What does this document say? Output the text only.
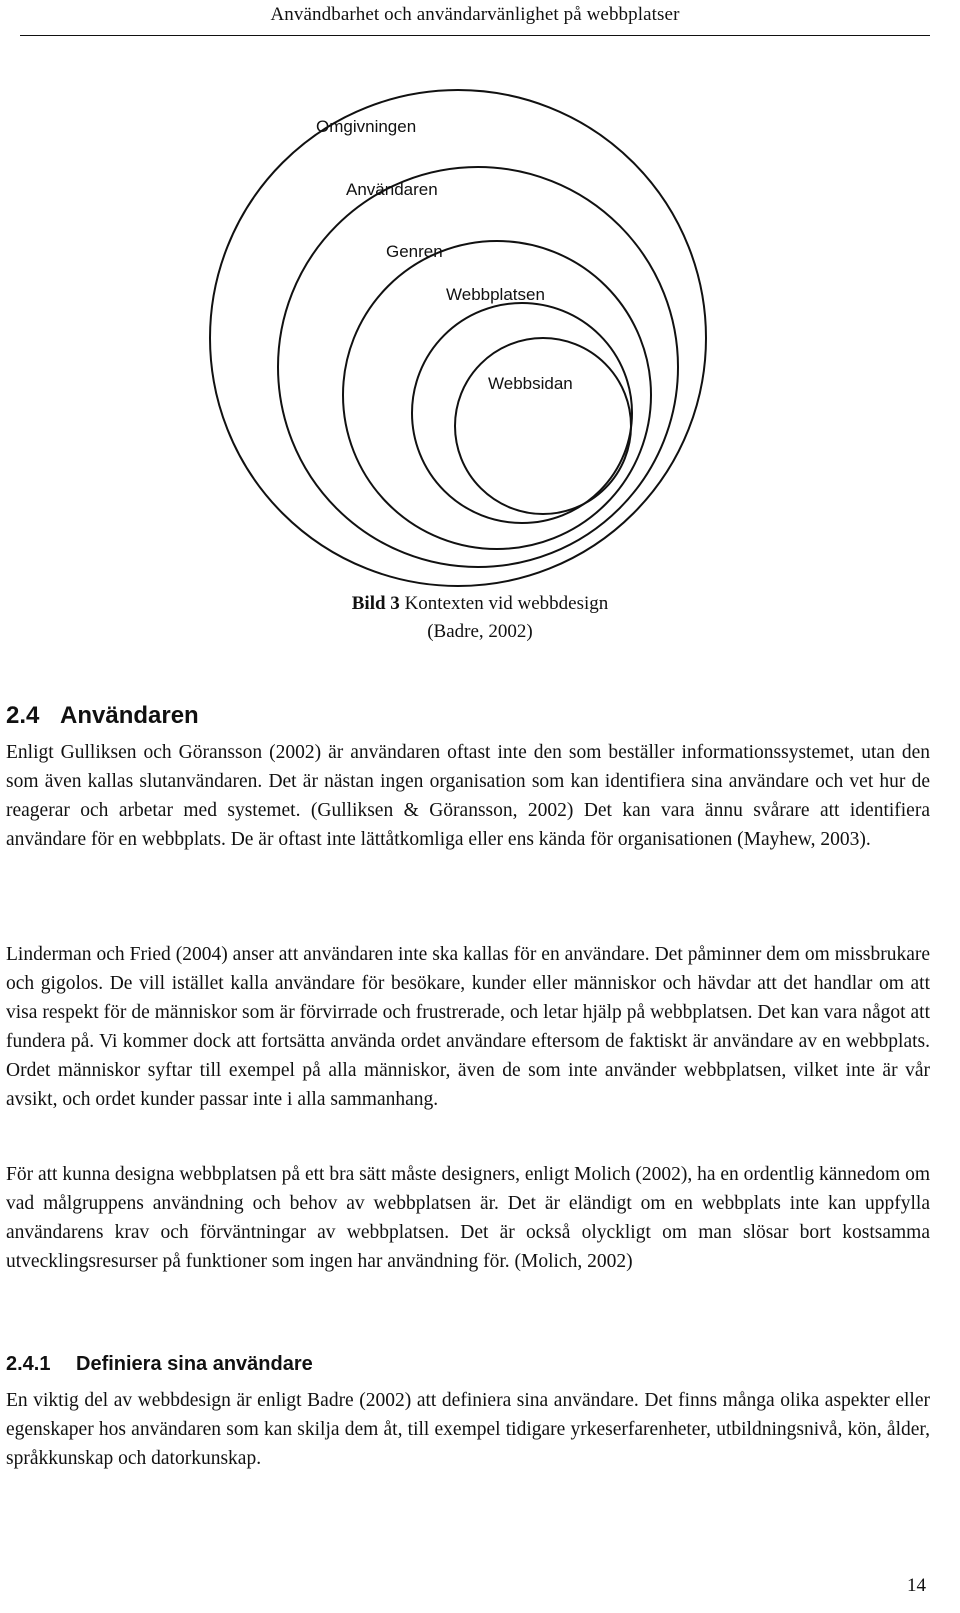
Användbarhet och användarvänlighet på webbplatser
Omgivningen
Användaren
Genren
Webbplatsen
Webbsidan
Bild 3 Kontexten vid webbdesign
(Badre, 2002)
2.4 Användaren

Enligt Gulliksen och Göransson (2002) är användaren oftast inte den som beställer informationssystemet, utan den som även kallas slutanvändaren. Det är nästan ingen organisation som kan identifiera sina användare och vet hur de reagerar och arbetar med systemet. (Gulliksen & Göransson, 2002) Det kan vara ännu svårare att identifiera användare för en webbplats. De är oftast inte lättåtkomliga eller ens kända för organisationen (Mayhew, 2003).

Linderman och Fried (2004) anser att användaren inte ska kallas för en användare. Det påminner dem om missbrukare och gigolos. De vill istället kalla användare för besökare, kunder eller människor och hävdar att det handlar om att visa respekt för de människor som är förvirrade och frustrerade, och letar hjälp på webbplatsen. Det kan vara något att fundera på. Vi kommer dock att fortsätta använda ordet användare eftersom de faktiskt är användare av en webbplats. Ordet människor syftar till exempel på alla människor, även de som inte använder webbplatsen, vilket inte är vår avsikt, och ordet kunder passar inte i alla sammanhang.

För att kunna designa webbplatsen på ett bra sätt måste designers, enligt Molich (2002), ha en ordentlig kännedom om vad målgruppens användning och behov av webbplatsen är. Det är eländigt om en webbplats inte kan uppfylla användarens krav och förväntningar av webbplatsen. Det är också olyckligt om man slösar bort kostsamma utvecklingsresurser på funktioner som ingen har användning för. (Molich, 2002)

2.4.1 Definiera sina användare

En viktig del av webbdesign är enligt Badre (2002) att definiera sina användare. Det finns många olika aspekter eller egenskaper hos användaren som kan skilja dem åt, till exempel tidigare yrkeserfarenheter, utbildningsnivå, kön, ålder, språkkunskap och datorkunskap.

14
